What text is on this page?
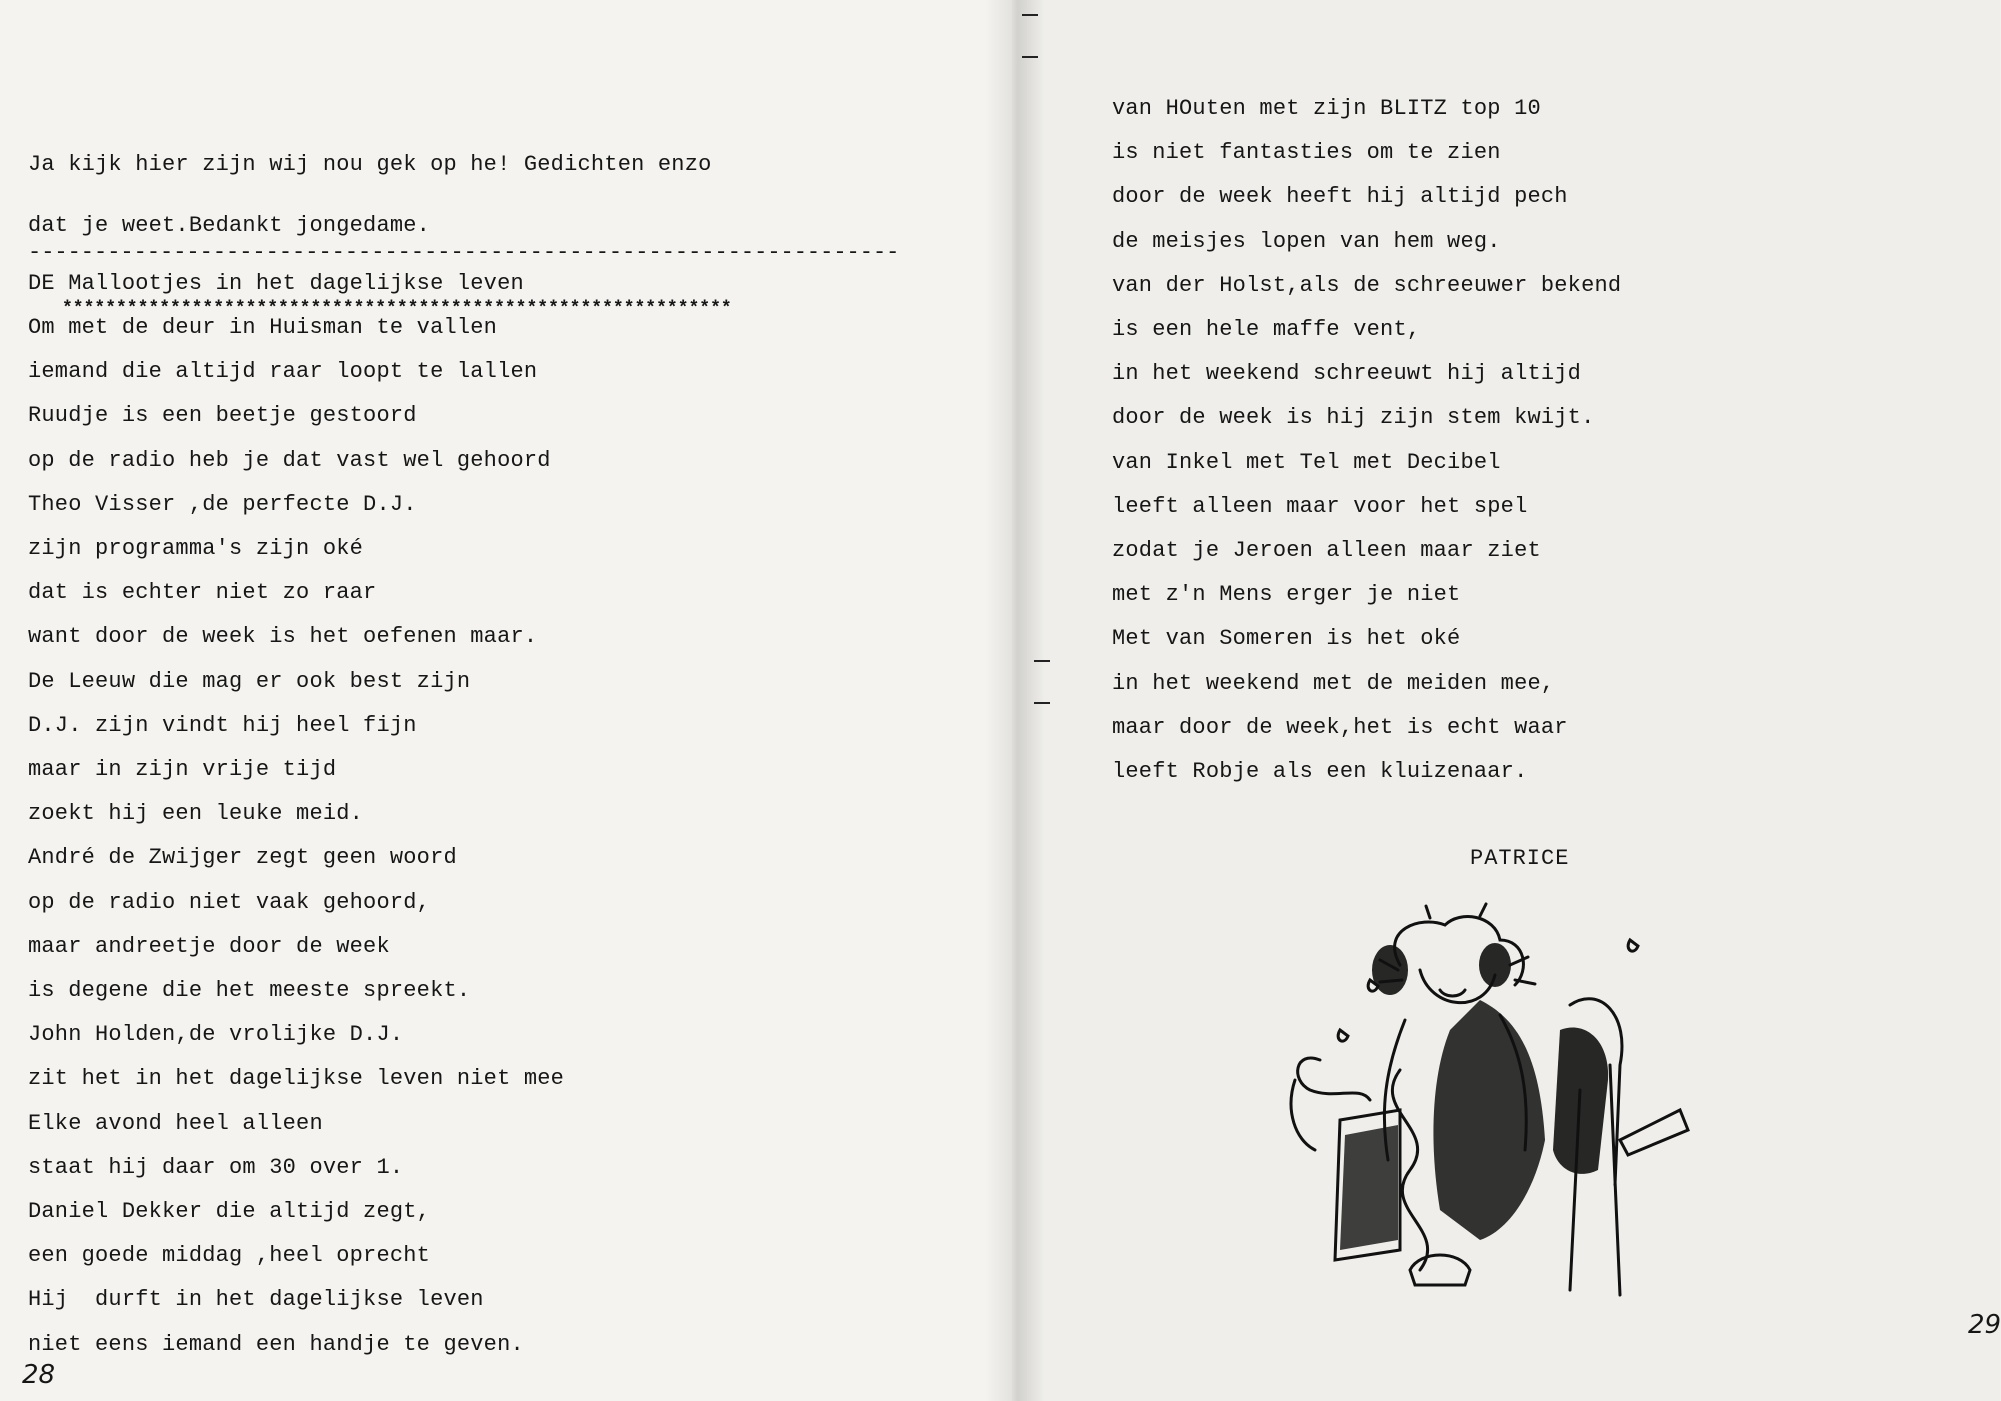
Ja kijk hier zijn wij nou gek op he! Gedichten enzo
dat je weet.Bedankt jongedame.
------------------------------------------------------------------
DE Mallootjes in het dagelijkse leven
**************************************************************
Om met de deur in Huisman te vallen
iemand die altijd raar loopt te lallen
Ruudje is een beetje gestoord
op de radio heb je dat vast wel gehoord
Theo Visser ,de perfecte D.J.
zijn programma's zijn oké
dat is echter niet zo raar
want door de week is het oefenen maar.
De Leeuw die mag er ook best zijn
D.J. zijn vindt hij heel fijn
maar in zijn vrije tijd
zoekt hij een leuke meid.
André de Zwijger zegt geen woord
op de radio niet vaak gehoord,
maar andreetje door de week
is degene die het meeste spreekt.
John Holden,de vrolijke D.J.
zit het in het dagelijkse leven niet mee
Elke avond heel alleen
staat hij daar om 30 over 1.
Daniel Dekker die altijd zegt,
een goede middag ,heel oprecht
Hij  durft in het dagelijkse leven
niet eens iemand een handje te geven.
28
van HOuten met zijn BLITZ top 10
is niet fantasties om te zien
door de week heeft hij altijd pech
de meisjes lopen van hem weg.
van der Holst,als de schreeuwer bekend
is een hele maffe vent,
in het weekend schreeuwt hij altijd
door de week is hij zijn stem kwijt.
van Inkel met Tel met Decibel
leeft alleen maar voor het spel
zodat je Jeroen alleen maar ziet
met z'n Mens erger je niet
Met van Someren is het oké
in het weekend met de meiden mee,
maar door de week,het is echt waar
leeft Robje als een kluizenaar.
PATRICE
29
